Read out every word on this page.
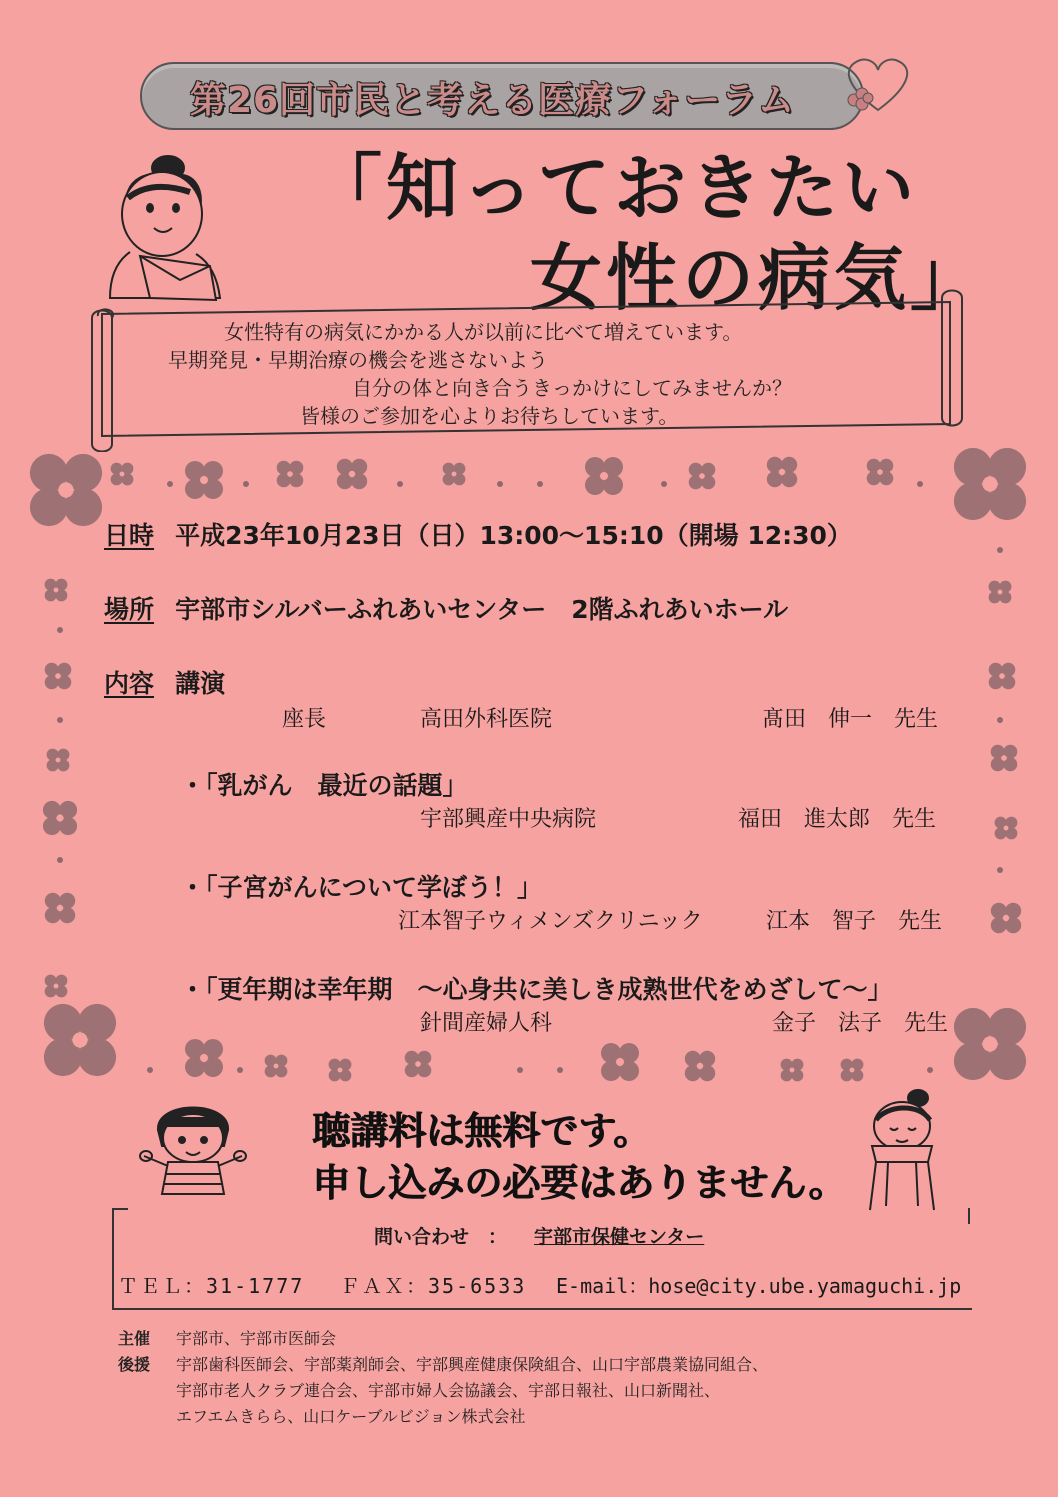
第26回市民と考える医療フォーラム
「知っておきたい
女性の病気」
女性特有の病気にかかる人が以前に比べて増えています。
早期発見・早期治療の機会を逃さないよう
自分の体と向き合うきっかけにしてみませんか？
皆様のご参加を心よりお待ちしています。
日時 平成23年10月23日（日）13:00～15:10（開場 12:30）
場所 宇部市シルバーふれあいセンター　2階ふれあいホール
内容 講演
座長	高田外科医院	髙田　伸一　先生
・「乳がん　最近の話題」
宇部興産中央病院	福田　進太郎　先生
・「子宮がんについて学ぼう！」
江本智子ウィメンズクリニック	江本　智子　先生
・「更年期は幸年期　～心身共に美しき成熟世代をめざして～」
針間産婦人科	金子　法子　先生
聴講料は無料です。
申し込みの必要はありません。
問い合わせ　： 宇部市保健センター
ＴＥＬ：31-1777 ＦＡＸ：35-6533 E-mail：hose@city.ube.yamaguchi.jp
主催 宇部市、宇部市医師会
後援 宇部歯科医師会、宇部薬剤師会、宇部興産健康保険組合、山口宇部農業協同組合、
宇部市老人クラブ連合会、宇部市婦人会協議会、宇部日報社、山口新聞社、
エフエムきらら、山口ケーブルビジョン株式会社
